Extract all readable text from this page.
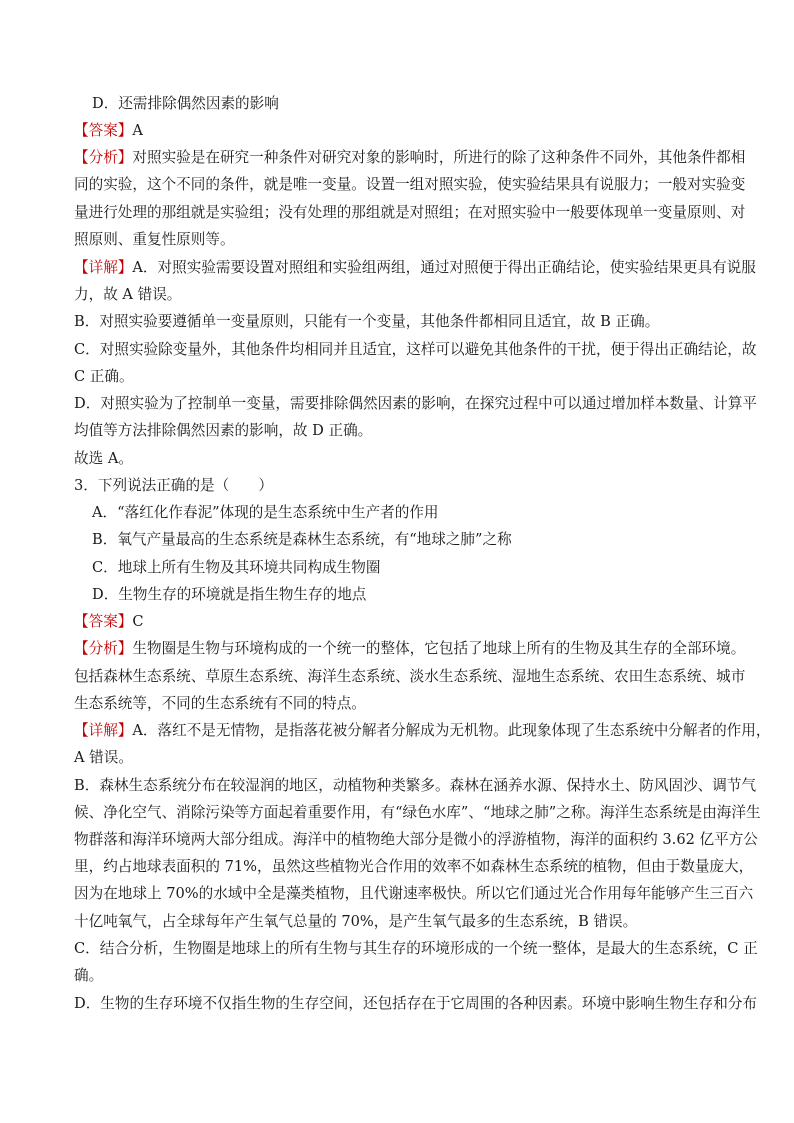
D．还需排除偶然因素的影响
【答案】A
【分析】对照实验是在研究一种条件对研究对象的影响时，所进行的除了这种条件不同外，其他条件都相
同的实验，这个不同的条件，就是唯一变量。设置一组对照实验，使实验结果具有说服力；一般对实验变
量进行处理的那组就是实验组；没有处理的那组就是对照组；在对照实验中一般要体现单一变量原则、对
照原则、重复性原则等。
【详解】A．对照实验需要设置对照组和实验组两组，通过对照便于得出正确结论，使实验结果更具有说服
力，故 A 错误。
B．对照实验要遵循单一变量原则，只能有一个变量，其他条件都相同且适宜，故 B 正确。
C．对照实验除变量外，其他条件均相同并且适宜，这样可以避免其他条件的干扰，便于得出正确结论，故
C 正确。
D．对照实验为了控制单一变量，需要排除偶然因素的影响，在探究过程中可以通过增加样本数量、计算平
均值等方法排除偶然因素的影响，故 D 正确。
故选 A。
3．下列说法正确的是（　　）
A．“落红化作春泥”体现的是生态系统中生产者的作用
B．氧气产量最高的生态系统是森林生态系统，有“地球之肺”之称
C．地球上所有生物及其环境共同构成生物圈
D．生物生存的环境就是指生物生存的地点
【答案】C
【分析】生物圈是生物与环境构成的一个统一的整体，它包括了地球上所有的生物及其生存的全部环境。
包括森林生态系统、草原生态系统、海洋生态系统、淡水生态系统、湿地生态系统、农田生态系统、城市
生态系统等，不同的生态系统有不同的特点。
【详解】A．落红不是无情物，是指落花被分解者分解成为无机物。此现象体现了生态系统中分解者的作用，
A 错误。
B．森林生态系统分布在较湿润的地区，动植物种类繁多。森林在涵养水源、保持水土、防风固沙、调节气
候、净化空气、消除污染等方面起着重要作用，有“绿色水库”、“地球之肺”之称。海洋生态系统是由海洋生
物群落和海洋环境两大部分组成。海洋中的植物绝大部分是微小的浮游植物，海洋的面积约 3.62 亿平方公
里，约占地球表面积的 71%，虽然这些植物光合作用的效率不如森林生态系统的植物，但由于数量庞大，
因为在地球上 70%的水域中全是藻类植物，且代谢速率极快。所以它们通过光合作用每年能够产生三百六
十亿吨氧气，占全球每年产生氧气总量的 70%，是产生氧气最多的生态系统，B 错误。
C．结合分析，生物圈是地球上的所有生物与其生存的环境形成的一个统一整体，是最大的生态系统，C 正
确。
D．生物的生存环境不仅指生物的生存空间，还包括存在于它周围的各种因素。环境中影响生物生存和分布
